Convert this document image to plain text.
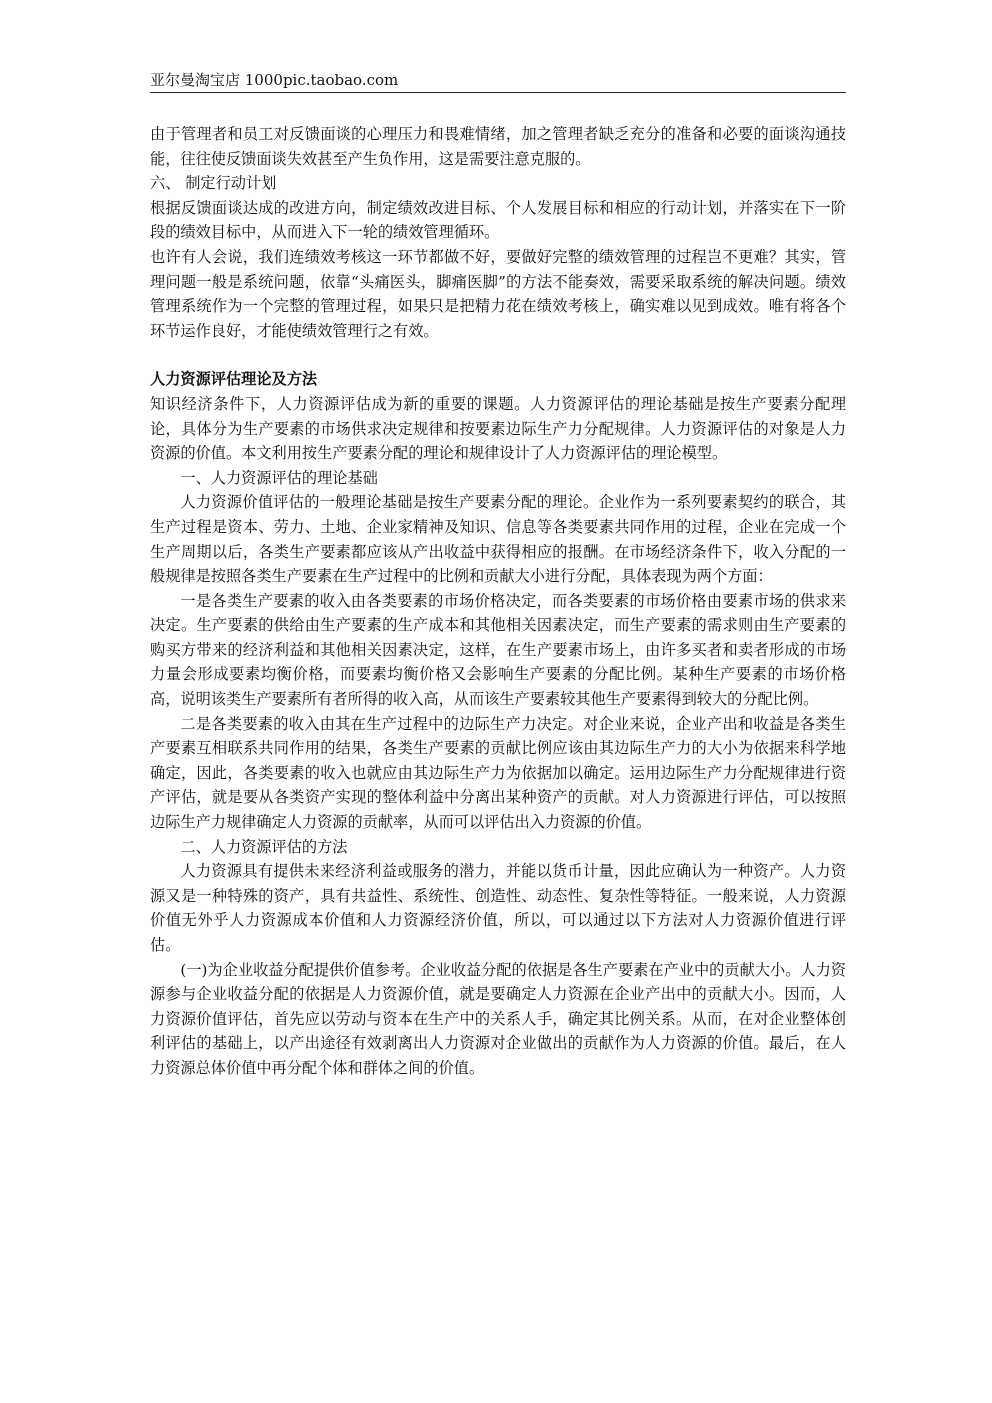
亚尔曼淘宝店 1000pic.taobao.com

由于管理者和员工对反馈面谈的心理压力和畏难情绪，加之管理者缺乏充分的准备和必要的面谈沟通技能，往往使反馈面谈失效甚至产生负作用，这是需要注意克服的。

六、 制定行动计划

根据反馈面谈达成的改进方向，制定绩效改进目标、个人发展目标和相应的行动计划，并落实在下一阶段的绩效目标中，从而进入下一轮的绩效管理循环。

也许有人会说，我们连绩效考核这一环节都做不好，要做好完整的绩效管理的过程岂不更难？其实，管理问题一般是系统问题，依靠“头痛医头，脚痛医脚”的方法不能奏效，需要采取系统的解决问题。绩效管理系统作为一个完整的管理过程，如果只是把精力花在绩效考核上，确实难以见到成效。唯有将各个环节运作良好，才能使绩效管理行之有效。

人力资源评估理论及方法

知识经济条件下，人力资源评估成为新的重要的课题。人力资源评估的理论基础是按生产要素分配理论，具体分为生产要素的市场供求决定规律和按要素边际生产力分配规律。人力资源评估的对象是人力资源的价值。本文利用按生产要素分配的理论和规律设计了人力资源评估的理论模型。

一、人力资源评估的理论基础

人力资源价值评估的一般理论基础是按生产要素分配的理论。企业作为一系列要素契约的联合，其生产过程是资本、劳力、土地、企业家精神及知识、信息等各类要素共同作用的过程，企业在完成一个生产周期以后，各类生产要素都应该从产出收益中获得相应的报酬。在市场经济条件下，收入分配的一般规律是按照各类生产要素在生产过程中的比例和贡献大小进行分配，具体表现为两个方面：

一是各类生产要素的收入由各类要素的市场价格决定，而各类要素的市场价格由要素市场的供求来决定。生产要素的供给由生产要素的生产成本和其他相关因素决定，而生产要素的需求则由生产要素的购买方带来的经济利益和其他相关因素决定，这样，在生产要素市场上，由许多买者和卖者形成的市场力量会形成要素均衡价格，而要素均衡价格又会影响生产要素的分配比例。某种生产要素的市场价格高，说明该类生产要素所有者所得的收入高，从而该生产要素较其他生产要素得到较大的分配比例。

二是各类要素的收入由其在生产过程中的边际生产力决定。对企业来说，企业产出和收益是各类生产要素互相联系共同作用的结果，各类生产要素的贡献比例应该由其边际生产力的大小为依据来科学地确定，因此，各类要素的收入也就应由其边际生产力为依据加以确定。运用边际生产力分配规律进行资产评估，就是要从各类资产实现的整体利益中分离出某种资产的贡献。对人力资源进行评估，可以按照边际生产力规律确定人力资源的贡献率，从而可以评估出入力资源的价值。

二、人力资源评估的方法

人力资源具有提供未来经济利益或服务的潜力，并能以货币计量，因此应确认为一种资产。人力资源又是一种特殊的资产，具有共益性、系统性、创造性、动态性、复杂性等特征。一般来说，人力资源价值无外乎人力资源成本价值和人力资源经济价值，所以，可以通过以下方法对人力资源价值进行评估。

(一)为企业收益分配提供价值参考。企业收益分配的依据是各生产要素在产业中的贡献大小。人力资源参与企业收益分配的依据是人力资源价值，就是要确定人力资源在企业产出中的贡献大小。因而，人力资源价值评估，首先应以劳动与资本在生产中的关系人手，确定其比例关系。从而，在对企业整体创利评估的基础上，以产出途径有效剥离出人力资源对企业做出的贡献作为人力资源的价值。最后，在人力资源总体价值中再分配个体和群体之间的价值。
